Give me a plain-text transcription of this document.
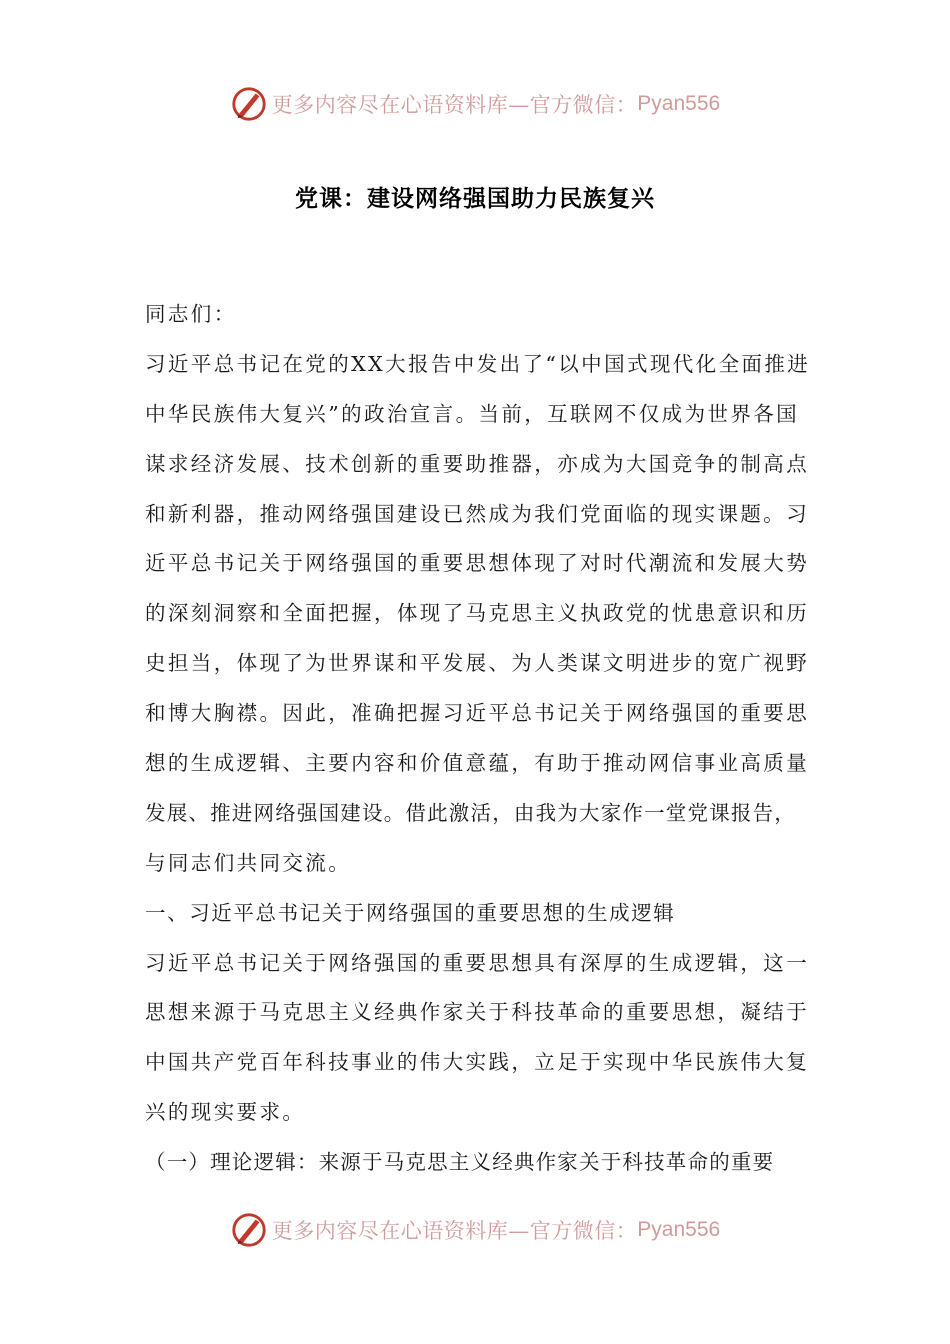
更多内容尽在心语资料库—官方微信： Pyan556
党课：建设网络强国助力民族复兴
同志们：
习近平总书记在党的XX大报告中发出了“以中国式现代化全面推进
中华民族伟大复兴”的政治宣言。当前，互联网不仅成为世界各国
谋求经济发展、技术创新的重要助推器，亦成为大国竞争的制高点
和新利器，推动网络强国建设已然成为我们党面临的现实课题。习
近平总书记关于网络强国的重要思想体现了对时代潮流和发展大势
的深刻洞察和全面把握，体现了马克思主义执政党的忧患意识和历
史担当，体现了为世界谋和平发展、为人类谋文明进步的宽广视野
和博大胸襟。因此，准确把握习近平总书记关于网络强国的重要思
想的生成逻辑、主要内容和价值意蕴，有助于推动网信事业高质量
发展、推进网络强国建设。借此激活，由我为大家作一堂党课报告，
与同志们共同交流。
一、习近平总书记关于网络强国的重要思想的生成逻辑
习近平总书记关于网络强国的重要思想具有深厚的生成逻辑，这一
思想来源于马克思主义经典作家关于科技革命的重要思想，凝结于
中国共产党百年科技事业的伟大实践，立足于实现中华民族伟大复
兴的现实要求。
（一）理论逻辑：来源于马克思主义经典作家关于科技革命的重要
更多内容尽在心语资料库—官方微信： Pyan556
